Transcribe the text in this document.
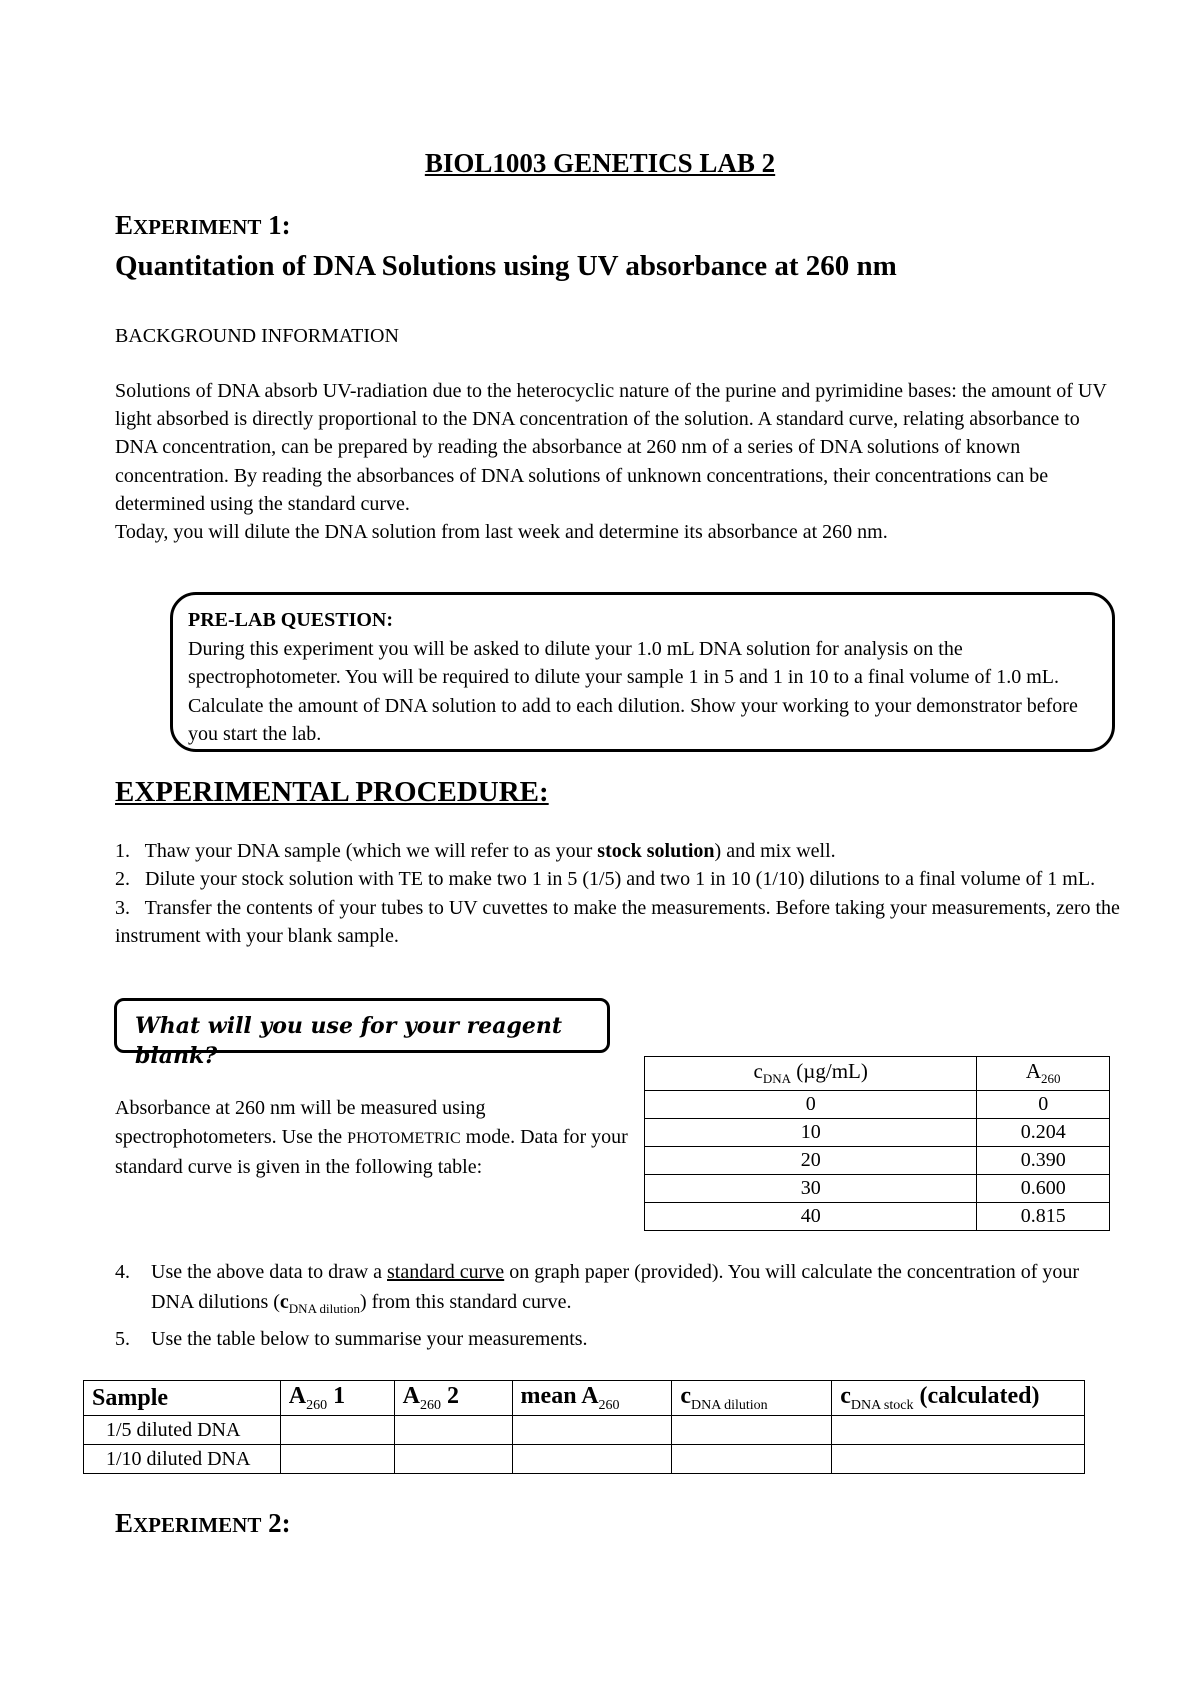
BIOL1003 GENETICS LAB 2
EXPERIMENT 1:
Quantitation of DNA Solutions using UV absorbance at 260 nm
BACKGROUND INFORMATION

Solutions of DNA absorb UV-radiation due to the heterocyclic nature of the purine and pyrimidine bases: the amount of UV light absorbed is directly proportional to the DNA concentration of the solution. A standard curve, relating absorbance to DNA concentration, can be prepared by reading the absorbance at 260 nm of a series of DNA solutions of known concentration. By reading the absorbances of DNA solutions of unknown concentrations, their concentrations can be determined using the standard curve.

Today, you will dilute the DNA solution from last week and determine its absorbance at 260 nm.

PRE-LAB QUESTION:
During this experiment you will be asked to dilute your 1.0 mL DNA solution for analysis on the spectrophotometer. You will be required to dilute your sample 1 in 5 and 1 in 10 to a final volume of 1.0 mL. Calculate the amount of DNA solution to add to each dilution. Show your working to your demonstrator before you start the lab.
EXPERIMENTAL PROCEDURE:

1. Thaw your DNA sample (which we will refer to as your stock solution) and mix well.

2. Dilute your stock solution with TE to make two 1 in 5 (1/5) and two 1 in 10 (1/10) dilutions to a final volume of 1 mL.

3. Transfer the contents of your tubes to UV cuvettes to make the measurements. Before taking your measurements, zero the instrument with your blank sample.

What will you use for your reagent blank?
Absorbance at 260 nm will be measured using spectrophotometers. Use the PHOTOMETRIC mode. Data for your standard curve is given in the following table:
$c_{DNA}$ (µg/mL)	$A_{260}$
0	0
10	0.204
20	0.390
30	0.600
40	0.815
4.	Use the above data to draw a standard curve on graph paper (provided). You will calculate the concentration of your DNA dilutions $(c_{DNA dilution})$ from this standard curve.
5.	Use the table below to summarise your measurements.
Sample	$A_{260}$ 1	$A_{260}$ 2	mean $A_{260}$	$c_{DNA dilution}$	$c_{DNA stock}$ (calculated)
1/5 diluted DNA					
1/10 diluted DNA					
EXPERIMENT 2:
